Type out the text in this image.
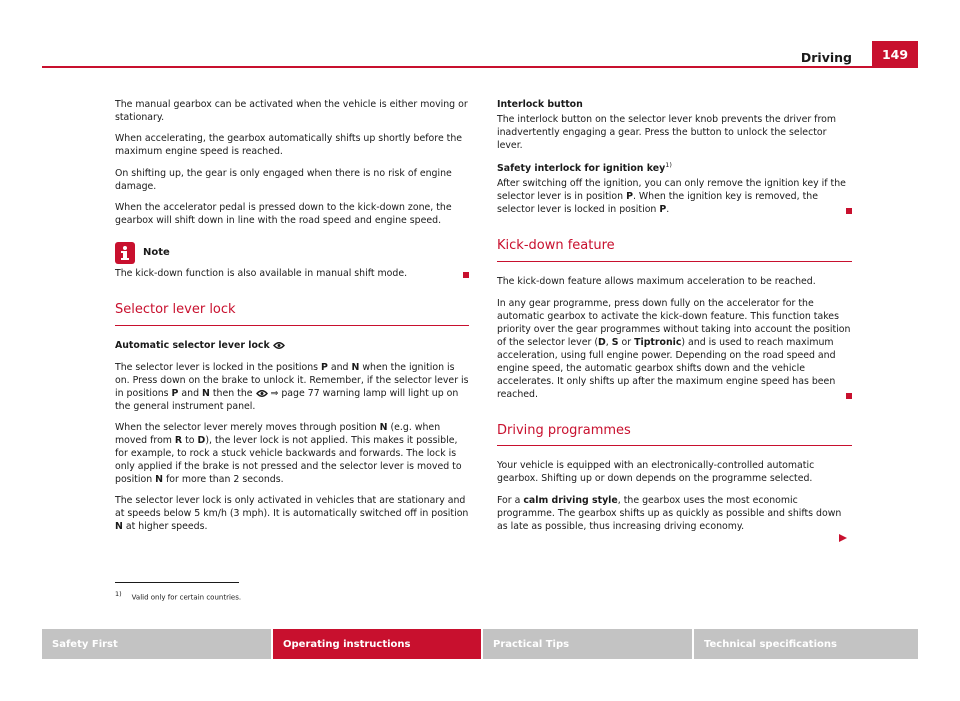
Driving	149

The manual gearbox can be activated when the vehicle is either moving or stationary.

When accelerating, the gearbox automatically shifts up shortly before the maximum engine speed is reached.

On shifting up, the gear is only engaged when there is no risk of engine damage.

When the accelerator pedal is pressed down to the kick-down zone, the gearbox will shift down in line with the road speed and engine speed.

Note

The kick-down function is also available in manual shift mode.

Selector lever lock

Automatic selector lever lock

The selector lever is locked in the positions P and N when the ignition is on. Press down on the brake to unlock it. Remember, if the selector lever is in positions P and N then the  ⇒ page 77 warning lamp will light up on the general instrument panel.

When the selector lever merely moves through position N (e.g. when moved from R to D), the lever lock is not applied. This makes it possible, for example, to rock a stuck vehicle backwards and forwards. The lock is only applied if the brake is not pressed and the selector lever is moved to position N for more than 2 seconds.

The selector lever lock is only activated in vehicles that are stationary and at speeds below 5 km/h (3 mph). It is automatically switched off in position N at higher speeds.

Interlock button

The interlock button on the selector lever knob prevents the driver from inadvertently engaging a gear. Press the button to unlock the selector lever.

Safety interlock for ignition key$^{1)}$

After switching off the ignition, you can only remove the ignition key if the selector lever is in position P. When the ignition key is removed, the selector lever is locked in position P.

Kick-down feature

The kick-down feature allows maximum acceleration to be reached.

In any gear programme, press down fully on the accelerator for the automatic gearbox to activate the kick-down feature. This function takes priority over the gear programmes without taking into account the position of the selector lever (D, S or Tiptronic) and is used to reach maximum acceleration, using full engine power. Depending on the road speed and engine speed, the automatic gearbox shifts down and the vehicle accelerates. It only shifts up after the maximum engine speed has been reached.

Driving programmes

Your vehicle is equipped with an electronically-controlled automatic gearbox. Shifting up or down depends on the programme selected.

For a calm driving style, the gearbox uses the most economic programme. The gearbox shifts up as quickly as possible and shifts down as late as possible, thus increasing driving economy.

$^{1)}$ Valid only for certain countries.
Safety First	Operating instructions	Practical Tips	Technical specifications
